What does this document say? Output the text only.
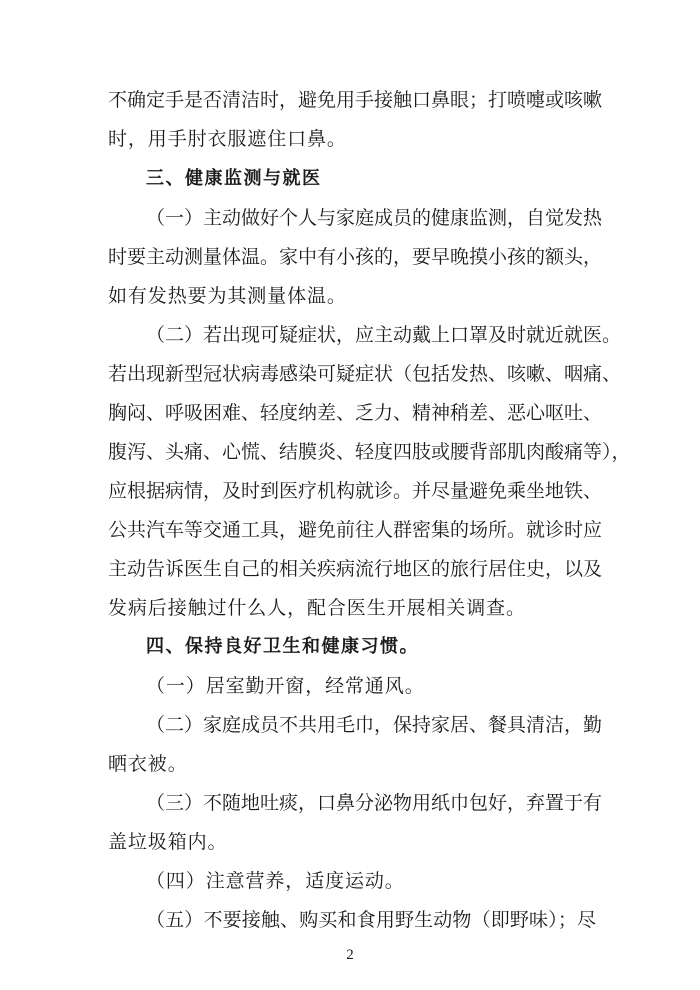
不确定手是否清洁时，避免用手接触口鼻眼；打喷嚏或咳嗽
时，用手肘衣服遮住口鼻。
三、健康监测与就医
（一）主动做好个人与家庭成员的健康监测，自觉发热
时要主动测量体温。家中有小孩的，要早晚摸小孩的额头，
如有发热要为其测量体温。
（二）若出现可疑症状，应主动戴上口罩及时就近就医。
若出现新型冠状病毒感染可疑症状（包括发热、咳嗽、咽痛、
胸闷、呼吸困难、轻度纳差、乏力、精神稍差、恶心呕吐、
腹泻、头痛、心慌、结膜炎、轻度四肢或腰背部肌肉酸痛等），
应根据病情，及时到医疗机构就诊。并尽量避免乘坐地铁、
公共汽车等交通工具，避免前往人群密集的场所。就诊时应
主动告诉医生自己的相关疾病流行地区的旅行居住史，以及
发病后接触过什么人，配合医生开展相关调查。
四、保持良好卫生和健康习惯。
（一）居室勤开窗，经常通风。
（二）家庭成员不共用毛巾，保持家居、餐具清洁，勤
晒衣被。
（三）不随地吐痰，口鼻分泌物用纸巾包好，弃置于有
盖垃圾箱内。
（四）注意营养，适度运动。
（五）不要接触、购买和食用野生动物（即野味）；尽
2
